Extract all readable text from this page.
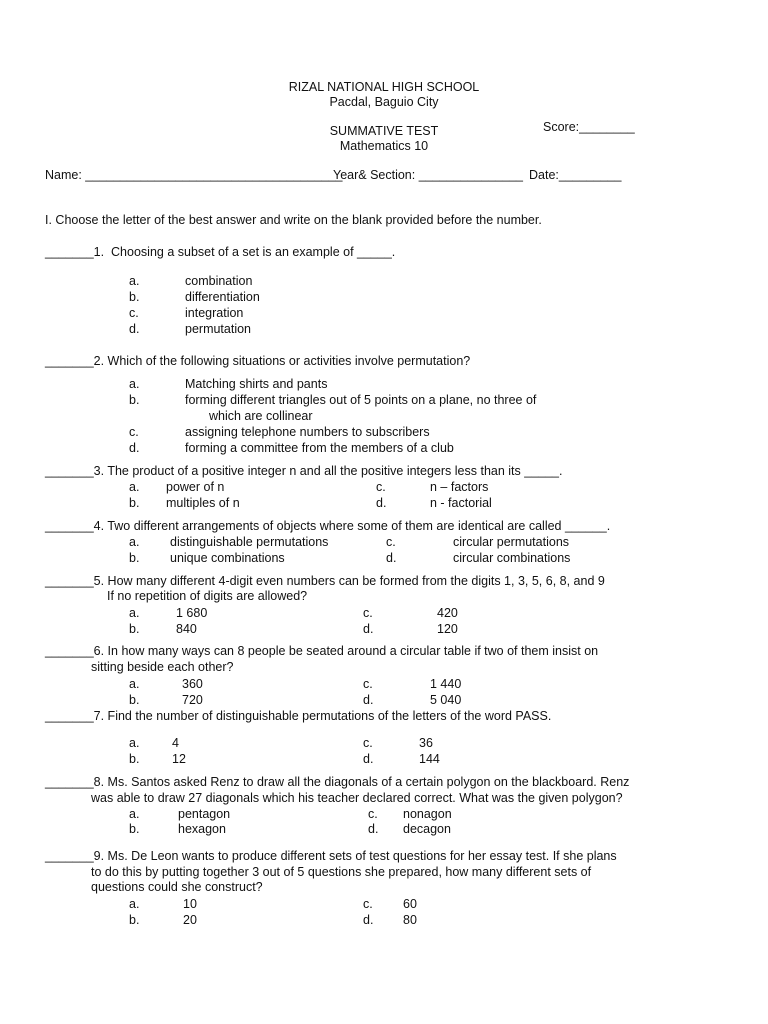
RIZAL NATIONAL HIGH SCHOOL
Pacdal, Baguio City
SUMMATIVE TEST
Mathematics 10
Score:________
Name: _____________________________________
Year& Section: _______________ Date:_________
I. Choose the letter of the best answer and write on the blank provided before the number.
_______1.  Choosing a subset of a set is an example of _____.
a.	combination
b.	differentiation
c.	integration
d.	permutation
_______2. Which of the following situations or activities involve permutation?
a.	Matching shirts and pants
b.	forming different triangles out of 5 points on a plane, no three of
which are collinear
c.	assigning telephone numbers to subscribers
d.	forming a committee from the members of a club
_______3. The product of a positive integer n and all the positive integers less than its _____.
a. power of n
b. multiples of n
c.	n – factors
d.	n - factorial
_______4. Two different arrangements of objects where some of them are identical are called ______.
a. distinguishable permutations
b. unique combinations
c.	circular permutations
d.	circular combinations
_______5. How many different 4-digit even numbers can be formed from the digits 1, 3, 5, 6, 8, and 9
If no repetition of digits are allowed?
a.	1 680
b.	840
c.	420
d.	120
_______6. In how many ways can 8 people be seated around a circular table if two of them insist on
sitting beside each other?
a.	360
b.	720
c.	1 440
d.	5 040
_______7. Find the number of distinguishable permutations of the letters of the word PASS.
a.	4
b.	12
c.	36
d.	144
_______8. Ms. Santos asked Renz to draw all the diagonals of a certain polygon on the blackboard. Renz
was able to draw 27 diagonals which his teacher declared correct. What was the given polygon?
a.	pentagon
b.	hexagon
c. nonagon
d. decagon
_______9. Ms. De Leon wants to produce different sets of test questions for her essay test. If she plans
to do this by putting together 3 out of 5 questions she prepared, how many different sets of
questions could she construct?
a.	10
b.	20
c. 60
d. 80
